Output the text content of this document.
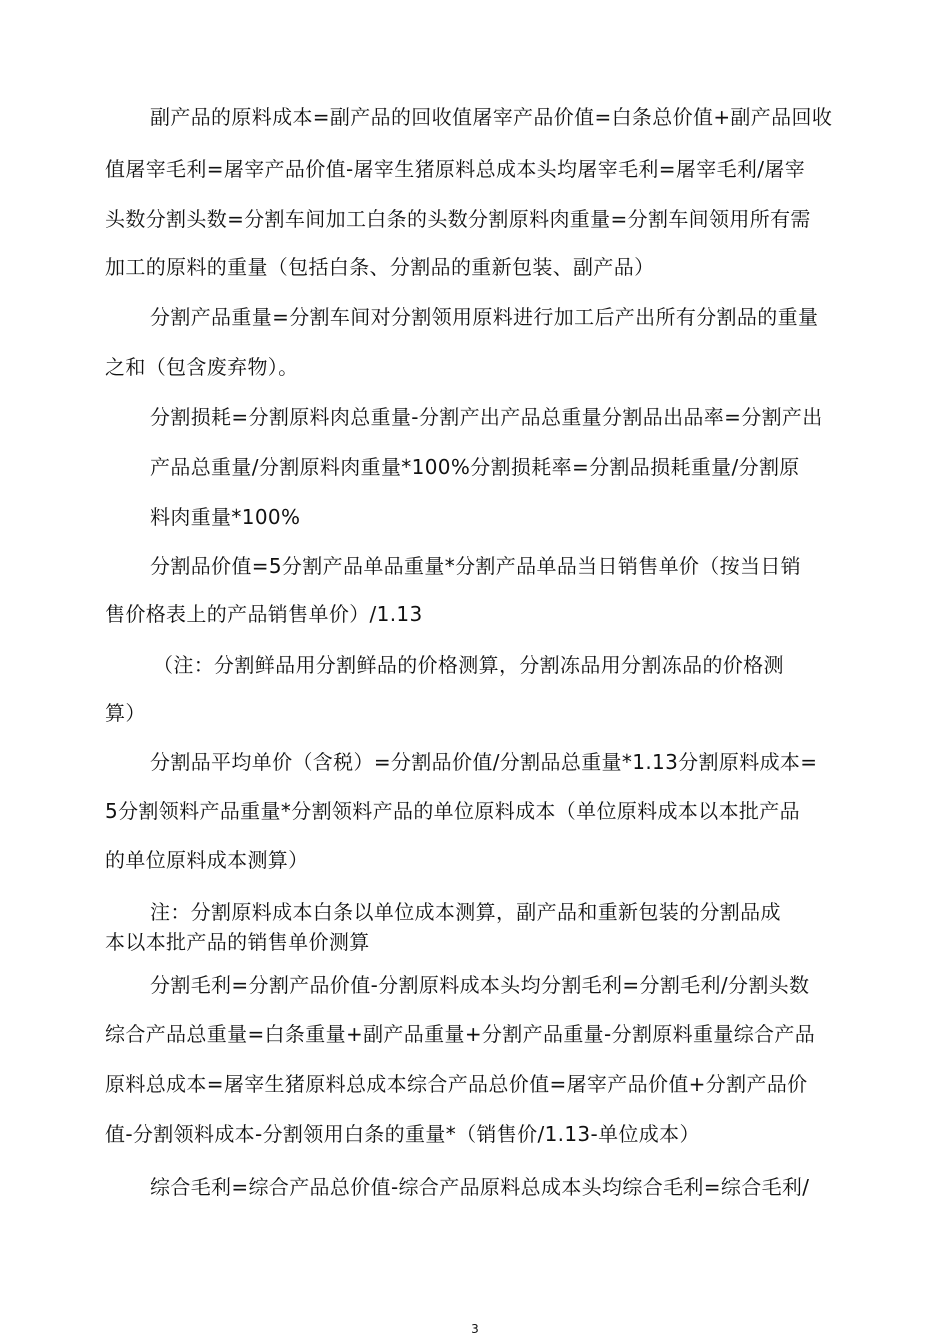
副产品的原料成本=副产品的回收值屠宰产品价值=白条总价值+副产品回收
值屠宰毛利=屠宰产品价值-屠宰生猪原料总成本头均屠宰毛利=屠宰毛利/屠宰
头数分割头数=分割车间加工白条的头数分割原料肉重量=分割车间领用所有需
加工的原料的重量（包括白条、分割品的重新包装、副产品）
分割产品重量=分割车间对分割领用原料进行加工后产出所有分割品的重量
之和（包含废弃物）。
分割损耗=分割原料肉总重量-分割产出产品总重量分割品出品率=分割产出
产品总重量/分割原料肉重量*100%分割损耗率=分割品损耗重量/分割原
料肉重量*100%
分割品价值=5分割产品单品重量*分割产品单品当日销售单价（按当日销
售价格表上的产品销售单价）/1.13
（注：分割鲜品用分割鲜品的价格测算，分割冻品用分割冻品的价格测
算）
分割品平均单价（含税）=分割品价值/分割品总重量*1.13分割原料成本=
5分割领料产品重量*分割领料产品的单位原料成本（单位原料成本以本批产品
的单位原料成本测算）
注：分割原料成本白条以单位成本测算，副产品和重新包装的分割品成
本以本批产品的销售单价测算
分割毛利=分割产品价值-分割原料成本头均分割毛利=分割毛利/分割头数
综合产品总重量=白条重量+副产品重量+分割产品重量-分割原料重量综合产品
原料总成本=屠宰生猪原料总成本综合产品总价值=屠宰产品价值+分割产品价
值-分割领料成本-分割领用白条的重量*（销售价/1.13-单位成本）
综合毛利=综合产品总价值-综合产品原料总成本头均综合毛利=综合毛利/
3
